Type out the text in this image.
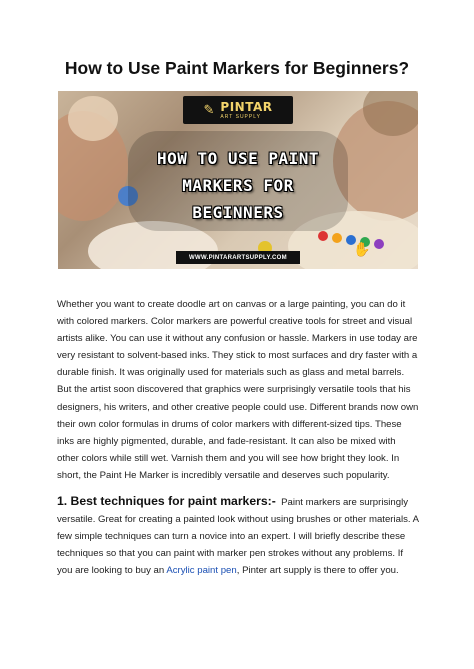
How to Use Paint Markers for Beginners?
✎ PINTAR
ART SUPPLY
HOW TO USE PAINT
MARKERS FOR
BEGINNERS
WWW.PINTARARTSUPPLY.COM
✋
Whether you want to create doodle art on canvas or a large painting, you can do it with colored markers. Color markers are powerful creative tools for street and visual artists alike. You can use it without any confusion or hassle. Markers in use today are very resistant to solvent-based inks. They stick to most surfaces and dry faster with a durable finish. It was originally used for materials such as glass and metal barrels. But the artist soon discovered that graphics were surprisingly versatile tools that his designers, his writers, and other creative people could use. Different brands now own their own color formulas in drums of color markers with different-sized tips. These inks are highly pigmented, durable, and fade-resistant. It can also be mixed with other colors while still wet. Varnish them and you will see how bright they look. In short, the Paint He Marker is incredibly versatile and deserves such popularity.
1. Best techniques for paint markers:- Paint markers are surprisingly versatile. Great for creating a painted look without using brushes or other materials. A few simple techniques can turn a novice into an expert. I will briefly describe these techniques so that you can paint with marker pen strokes without any problems. If you are looking to buy an Acrylic paint pen, Pinter art supply is there to offer you.
